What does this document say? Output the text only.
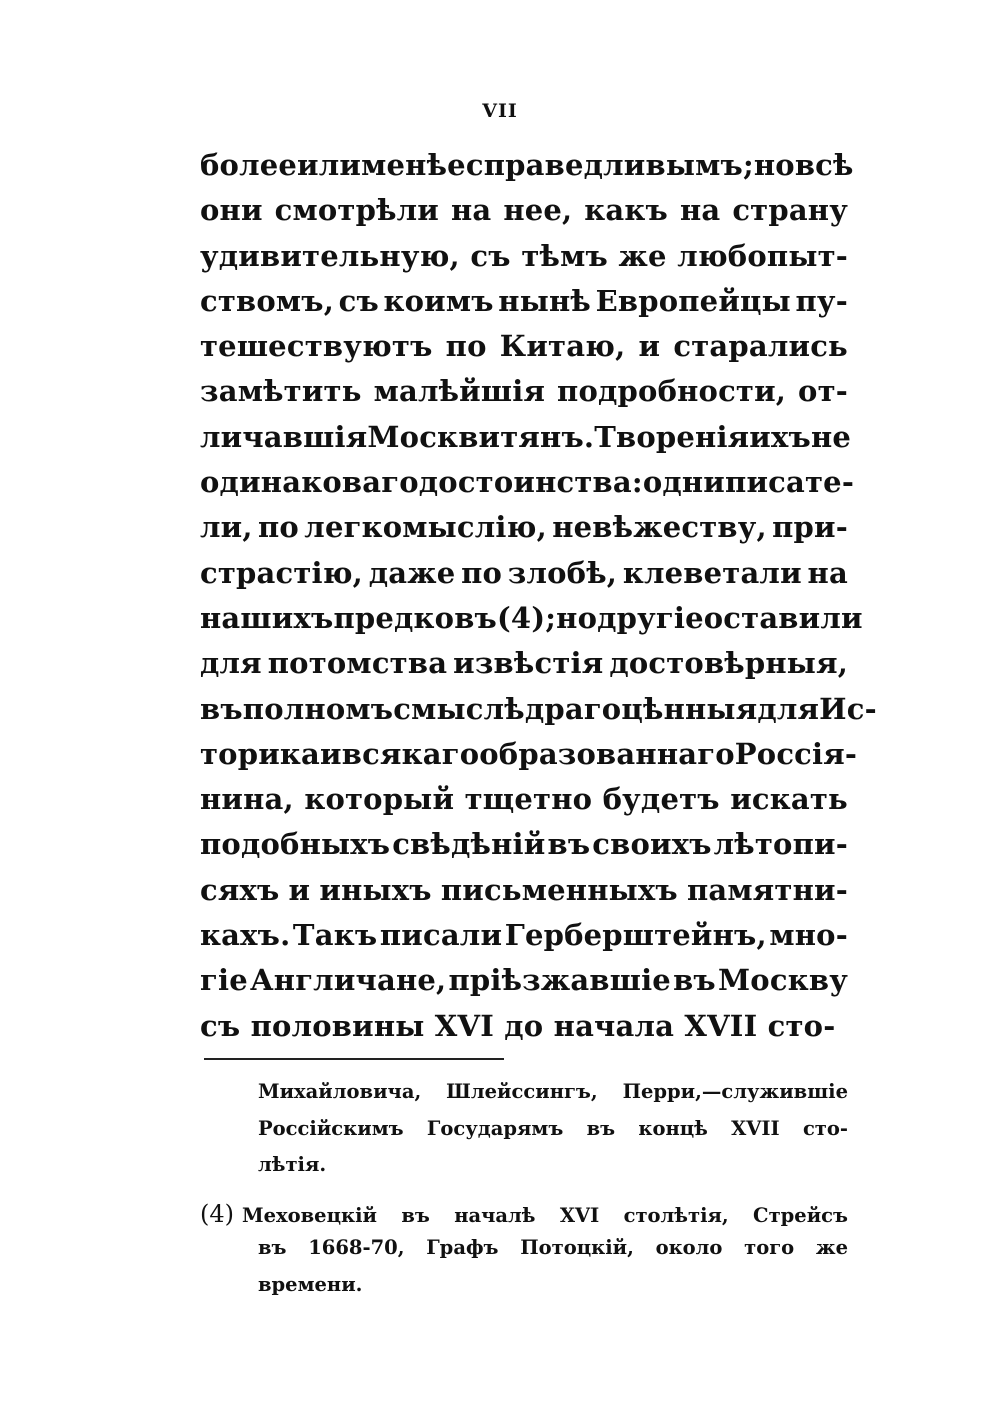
VII
более или менѣе справедливымъ; но всѣ
они смотрѣли на нее, какъ на страну
удивительную, съ тѣмъ же любопыт-
ствомъ, съ коимъ нынѣ Европейцы пу-
тешествуютъ по Китаю, и старались
замѣтить малѣйшія подробности, от-
личавшія Москвитянъ. Творенія ихъ не
одинаковаго достоинства: одни писате-
ли, по легкомыслію, невѣжеству, при-
страстію, даже по злобѣ, клеветали на
нашихъ предковъ (4); но другіе оставили
для потомства извѣстія достовѣрныя,
въ полномъ смыслѣ драгоцѣнныя для Ис-
торика и всякаго образованнаго Россія-
нина, который тщетно будетъ искать
подобныхъ свѣдѣній въ своихъ лѣтопи-
сяхъ и иныхъ письменныхъ памятни-
кахъ. Такъ писали Герберштейнъ, мно-
гіе Англичане, пріѣзжавшіе въ Москву
съ половины XVI до начала XVII сто-
Михайловича, Шлейссингъ, Перри,—служившіе
Россійскимъ Государямъ въ концѣ XVII сто-
лѣтія.
(4) Меховецкій въ началѣ XVI столѣтія, Стрейсъ
въ 1668-70, Графъ Потоцкій, около того же
времени.
